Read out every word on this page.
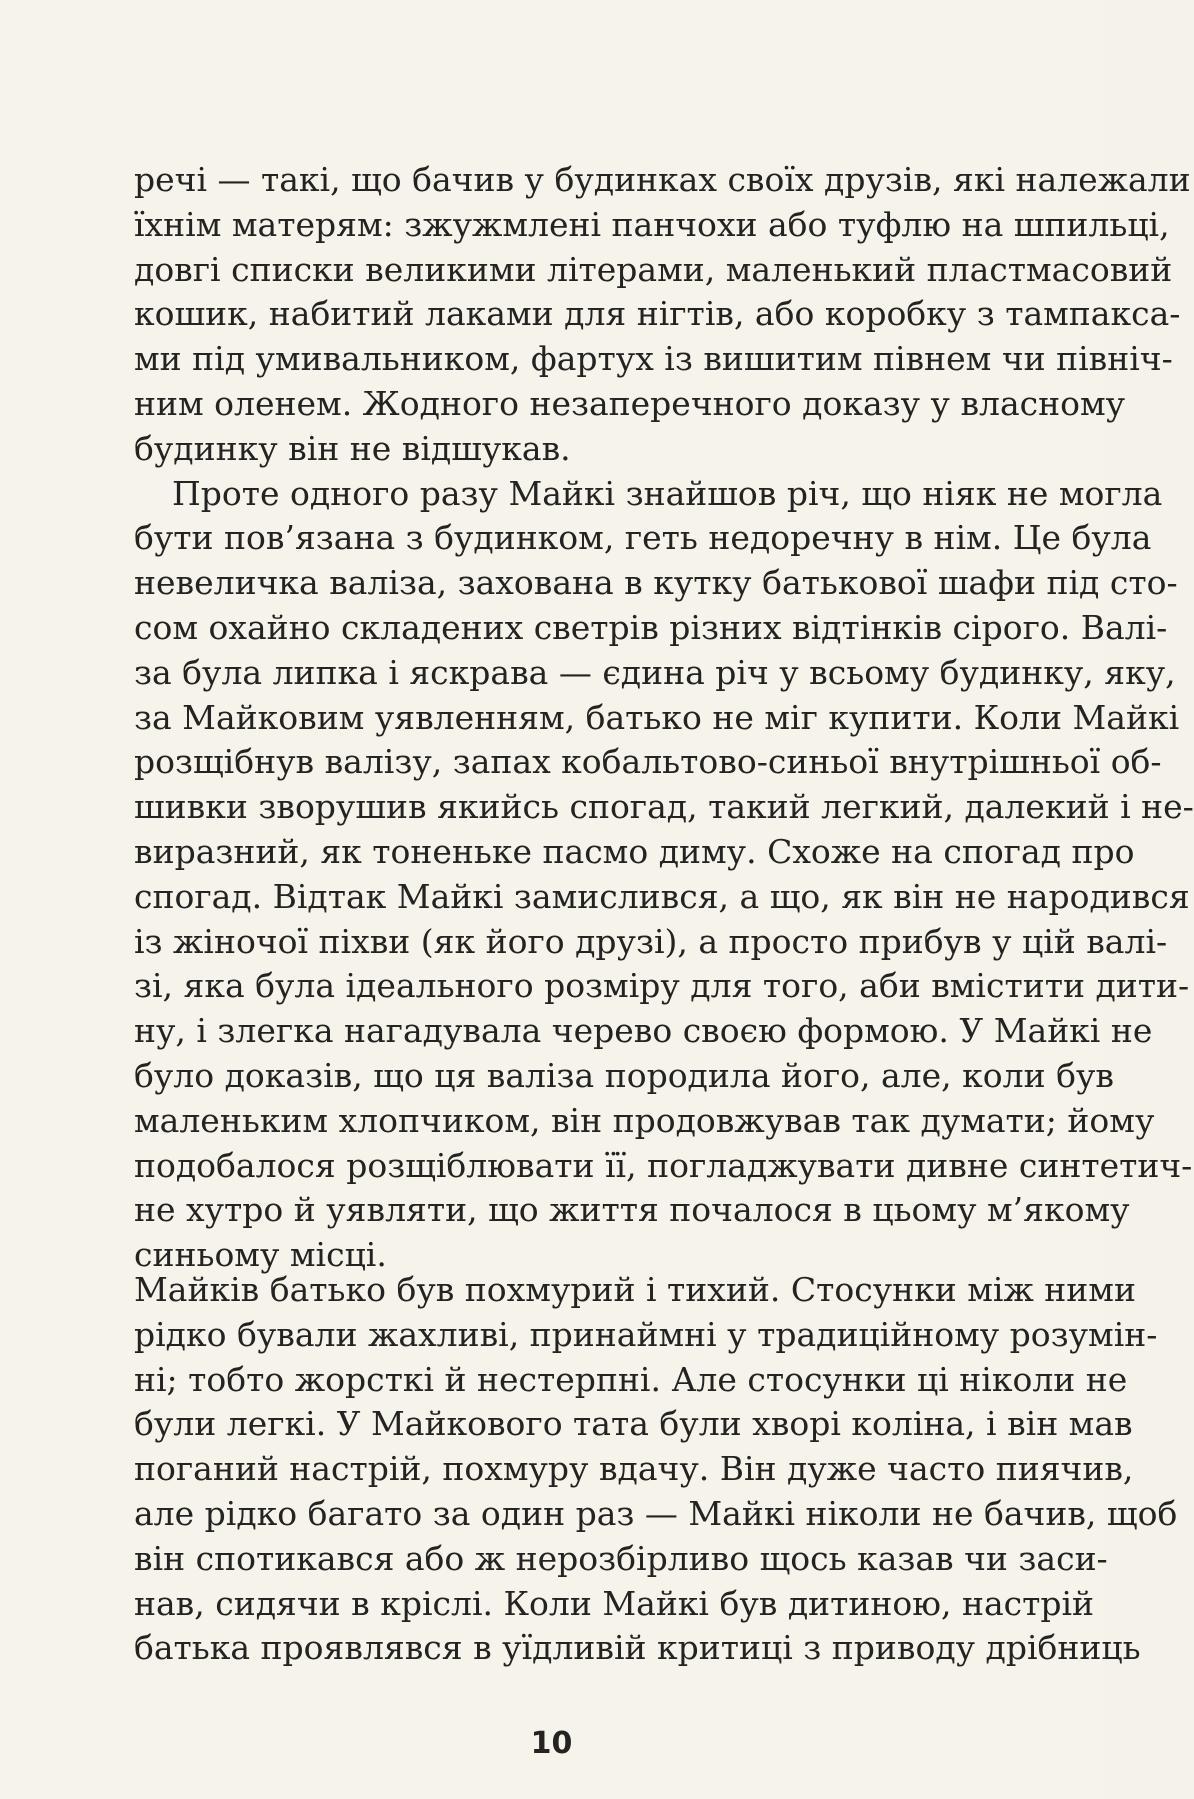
речі — такі, що бачив у будинках своїх друзів, які належали
їхнім матерям: зжужмлені панчохи або туфлю на шпильці,
довгі списки великими літерами, маленький пластмасовий
кошик, набитий лаками для нігтів, або коробку з тампакса-
ми під умивальником, фартух із вишитим півнем чи північ-
ним оленем. Жодного незаперечного доказу у власному
будинку він не відшукав.
Проте одного разу Майкі знайшов річ, що ніяк не могла
бути пов’язана з будинком, геть недоречну в нім. Це була
невеличка валіза, захована в кутку батькової шафи під сто-
сом охайно складених светрів різних відтінків сірого. Валі-
за була липка і яскрава — єдина річ у всьому будинку, яку,
за Майковим уявленням, батько не міг купити. Коли Майкі
розщібнув валізу, запах кобальтово-синьої внутрішньої об-
шивки зворушив якийсь спогад, такий легкий, далекий і не-
виразний, як тоненьке пасмо диму. Схоже на спогад про
спогад. Відтак Майкі замислився, а що, як він не народився
із жіночої піхви (як його друзі), а просто прибув у цій валі-
зі, яка була ідеального розміру для того, аби вмістити дити-
ну, і злегка нагадувала черево своєю формою. У Майкі не
було доказів, що ця валіза породила його, але, коли був
маленьким хлопчиком, він продовжував так думати; йому
подобалося розщіблювати її, погладжувати дивне синтетич-
не хутро й уявляти, що життя почалося в цьому м’якому
синьому місці.
Майків батько був похмурий і тихий. Стосунки між ними
рідко бували жахливі, принаймні у традиційному розумін-
ні; тобто жорсткі й нестерпні. Але стосунки ці ніколи не
були легкі. У Майкового тата були хворі коліна, і він мав
поганий настрій, похмуру вдачу. Він дуже часто пиячив,
але рідко багато за один раз — Майкі ніколи не бачив, щоб
він спотикався або ж нерозбірливо щось казав чи заси-
нав, сидячи в кріслі. Коли Майкі був дитиною, настрій
батька проявлявся в уїдливій критиці з приводу дрібниць
10
